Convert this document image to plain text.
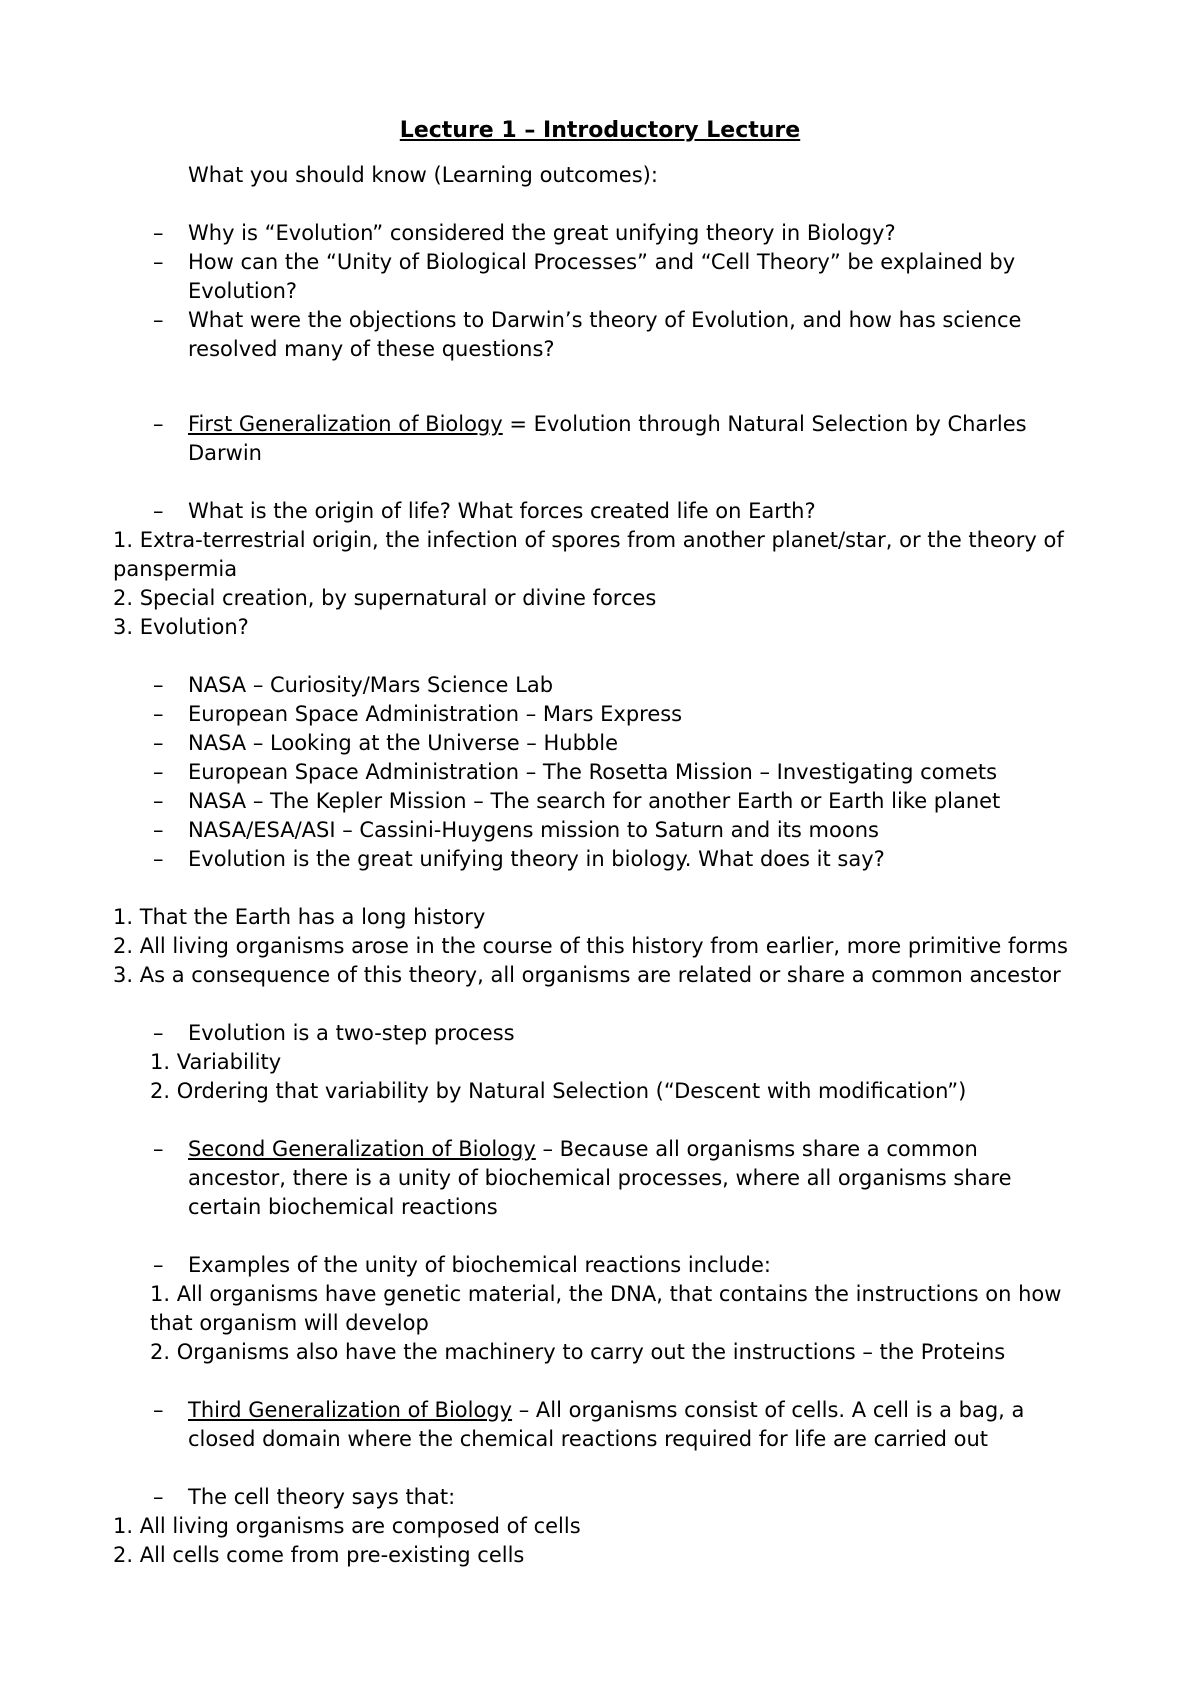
Lecture 1 – Introductory Lecture
What you should know (Learning outcomes):
– Why is “Evolution” considered the great unifying theory in Biology?
– How can the “Unity of Biological Processes” and “Cell Theory” be explained by
Evolution?
– What were the objections to Darwin’s theory of Evolution, and how has science
resolved many of these questions?
– First Generalization of Biology = Evolution through Natural Selection by Charles
Darwin
– What is the origin of life? What forces created life on Earth?
1. Extra-terrestrial origin, the infection of spores from another planet/star, or the theory of
panspermia
2. Special creation, by supernatural or divine forces
3. Evolution?
– NASA – Curiosity/Mars Science Lab
– European Space Administration – Mars Express
– NASA – Looking at the Universe – Hubble
– European Space Administration – The Rosetta Mission – Investigating comets
– NASA – The Kepler Mission – The search for another Earth or Earth like planet
– NASA/ESA/ASI – Cassini-Huygens mission to Saturn and its moons
– Evolution is the great unifying theory in biology. What does it say?
1. That the Earth has a long history
2. All living organisms arose in the course of this history from earlier, more primitive forms
3. As a consequence of this theory, all organisms are related or share a common ancestor
– Evolution is a two-step process
1. Variability
2. Ordering that variability by Natural Selection (“Descent with modification”)
– Second Generalization of Biology – Because all organisms share a common
ancestor, there is a unity of biochemical processes, where all organisms share
certain biochemical reactions
– Examples of the unity of biochemical reactions include:
1. All organisms have genetic material, the DNA, that contains the instructions on how
that organism will develop
2. Organisms also have the machinery to carry out the instructions – the Proteins
– Third Generalization of Biology – All organisms consist of cells. A cell is a bag, a
closed domain where the chemical reactions required for life are carried out
– The cell theory says that:
1. All living organisms are composed of cells
2. All cells come from pre-existing cells
